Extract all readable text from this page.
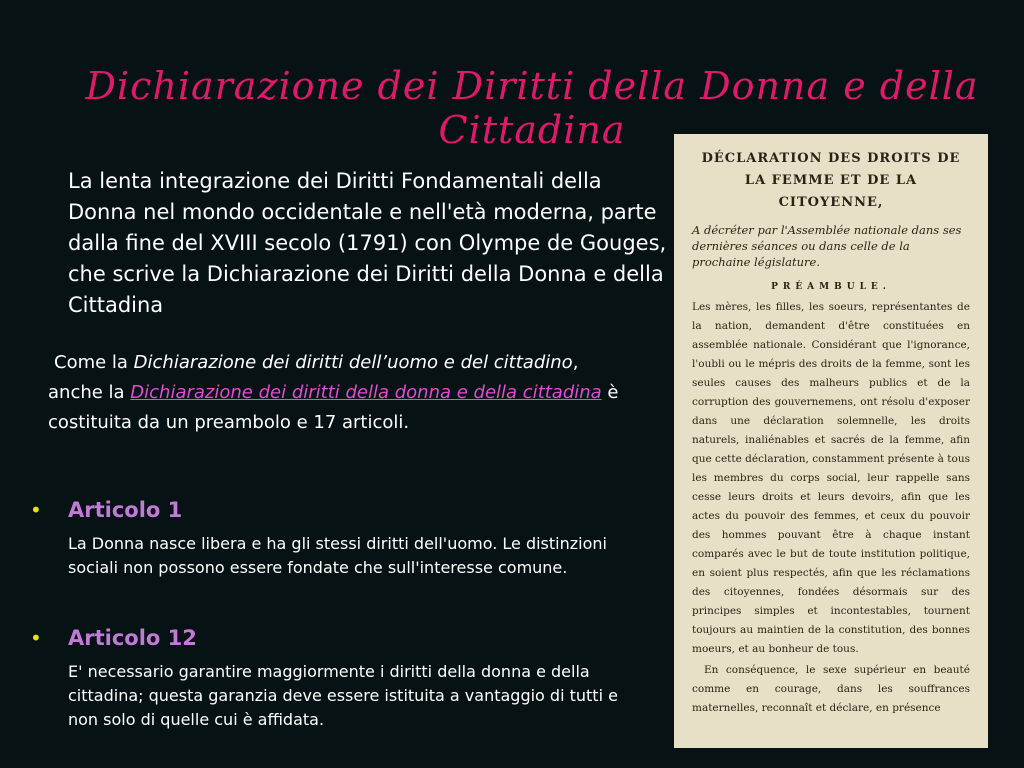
Dichiarazione dei Diritti della Donna e della Cittadina

La lenta integrazione dei Diritti Fondamentali della Donna nel mondo occidentale e nell'età moderna, parte dalla fine del XVIII secolo (1791) con Olympe de Gouges, che scrive la Dichiarazione dei Diritti della Donna e della Cittadina

Come la Dichiarazione dei diritti dell’uomo e del cittadino,
anche la Dichiarazione dei diritti della donna e della cittadina è costituita da un preambolo e 17 articoli.
•	Articolo 1

La Donna nasce libera e ha gli stessi diritti dell'uomo. Le distinzioni sociali non possono essere fondate che sull'interesse comune.

•	Articolo 12

E' necessario garantire maggiormente i diritti della donna e della cittadina; questa garanzia deve essere istituita a vantaggio di tutti e non solo di quelle cui è affidata.

DÉCLARATION DES DROITS DE LA FEMME ET DE LA CITOYENNE,
A décréter par l'Assemblée nationale dans ses dernières séances ou dans celle de la prochaine législature.
PRÉAMBULE.
Les mères, les filles, les soeurs, représentantes de la nation, demandent d'être constituées en assemblée nationale. Considérant que l'ignorance, l'oubli ou le mépris des droits de la femme, sont les seules causes des malheurs publics et de la corruption des gouvernemens, ont résolu d'exposer dans une déclaration solemnelle, les droits naturels, inaliénables et sacrés de la femme, afin que cette déclaration, constamment présente à tous les membres du corps social, leur rappelle sans cesse leurs droits et leurs devoirs, afin que les actes du pouvoir des femmes, et ceux du pouvoir des hommes pouvant être à chaque instant comparés avec le but de toute institution politique, en soient plus respectés, afin que les réclamations des citoyennes, fondées désormais sur des principes simples et incontestables, tournent toujours au maintien de la constitution, des bonnes moeurs, et au bonheur de tous.
En conséquence, le sexe supérieur en beauté comme en courage, dans les souffrances maternelles, reconnaît et déclare, en présence
